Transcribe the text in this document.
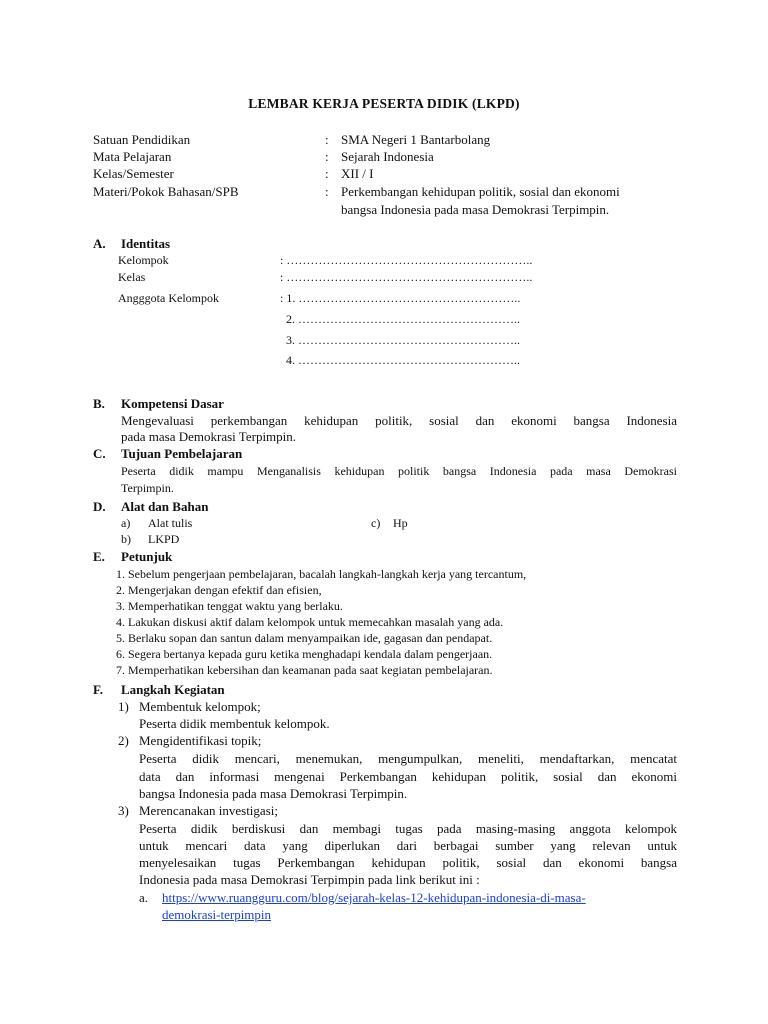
LEMBAR KERJA PESERTA DIDIK (LKPD)
Satuan Pendidikan	: SMA Negeri 1 Bantarbolang
Mata Pelajaran	: Sejarah Indonesia
Kelas/Semester	: XII / I
Materi/Pokok Bahasan/SPB	: Perkembangan kehidupan politik, sosial dan ekonomi
bangsa Indonesia pada masa Demokrasi Terpimpin.
A. Identitas
Kelompok	: ……………………………………………………..
Kelas	: ……………………………………………………..
Angggota Kelompok	: 1. ………………………………………………..
2. ………………………………………………..
3. ………………………………………………..
4. ………………………………………………..
B. Kompetensi Dasar
Mengevaluasi perkembangan kehidupan politik, sosial dan ekonomi bangsa Indonesia
pada masa Demokrasi Terpimpin.
C. Tujuan Pembelajaran
Peserta didik mampu Menganalisis kehidupan politik bangsa Indonesia pada masa Demokrasi
Terpimpin.
D. Alat dan Bahan
a) Alat tulis
b) LKPD
c) Hp
E. Petunjuk
1. Sebelum pengerjaan pembelajaran, bacalah langkah-langkah kerja yang tercantum,
2. Mengerjakan dengan efektif dan efisien,
3. Memperhatikan tenggat waktu yang berlaku.
4. Lakukan diskusi aktif dalam kelompok untuk memecahkan masalah yang ada.
5. Berlaku sopan dan santun dalam menyampaikan ide, gagasan dan pendapat.
6. Segera bertanya kepada guru ketika menghadapi kendala dalam pengerjaan.
7. Memperhatikan kebersihan dan keamanan pada saat kegiatan pembelajaran.
F. Langkah Kegiatan
1) Membentuk kelompok;
Peserta didik membentuk kelompok.
2) Mengidentifikasi topik;
Peserta didik mencari, menemukan, mengumpulkan, meneliti, mendaftarkan, mencatat
data dan informasi mengenai Perkembangan kehidupan politik, sosial dan ekonomi
bangsa Indonesia pada masa Demokrasi Terpimpin.
3) Merencanakan investigasi;
Peserta didik berdiskusi dan membagi tugas pada masing-masing anggota kelompok
untuk mencari data yang diperlukan dari berbagai sumber yang relevan untuk
menyelesaikan tugas Perkembangan kehidupan politik, sosial dan ekonomi bangsa
Indonesia pada masa Demokrasi Terpimpin pada link berikut ini :
a. https://www.ruangguru.com/blog/sejarah-kelas-12-kehidupan-indonesia-di-masa-
demokrasi-terpimpin
